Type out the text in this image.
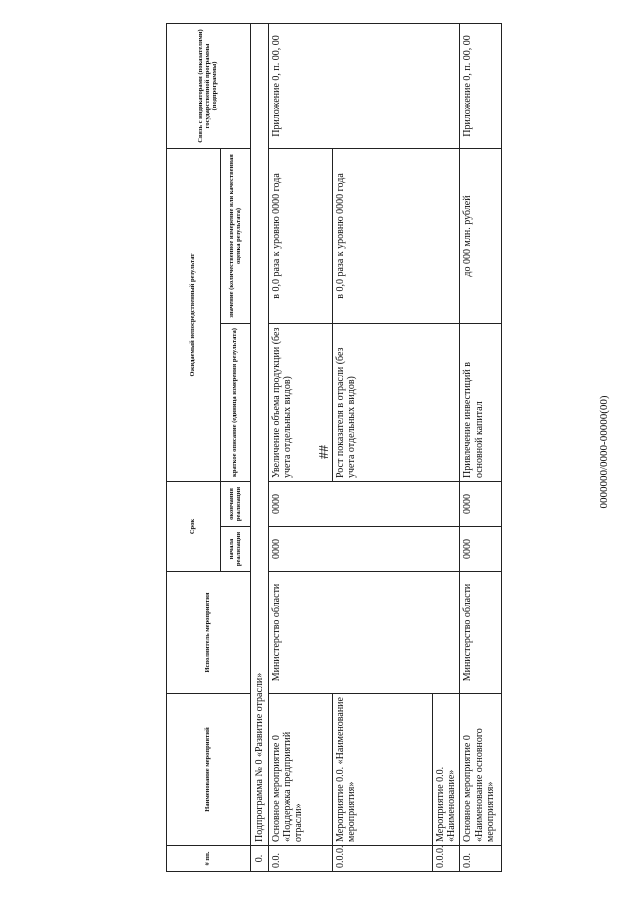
##	0000000/0000-00000(00)
# пп.	Наименование мероприятий	Исполнитель мероприятия	Срок		Ожидаемый непосредственный результат		Связь с индикаторами (показателями) государственной программы (подпрограммы)
			начала реализации	окончания реализации	краткое описание (единица измерения результата)	значение (количественное измерение или качественная оценка результата)	
0.	Подпрограмма № 0 «Развитие отрасли»						
0.0.	Основное мероприятие 0 «Поддержка предприятий отрасли»	Министерство области	0000	0000	Увеличение объема продукции (без учета отдельных видов)	в 0,0 раза к уровню 0000 года	Приложение 0, п. 00, 00
0.0.0.	Мероприятие 0.0. «Наименование мероприятия»				Рост показателя в отрасли (без учета отдельных видов)	в 0,0 раза к уровню 0000 года	
0.0.0.	Мероприятие 0.0. «Наименование»						
0.0.	Основное мероприятие 0 «Наименование основного мероприятия»	Министерство области	0000	0000	Привлечение инвестиций в основной капитал	до 000 млн. рублей	Приложение 0, п. 00, 00
